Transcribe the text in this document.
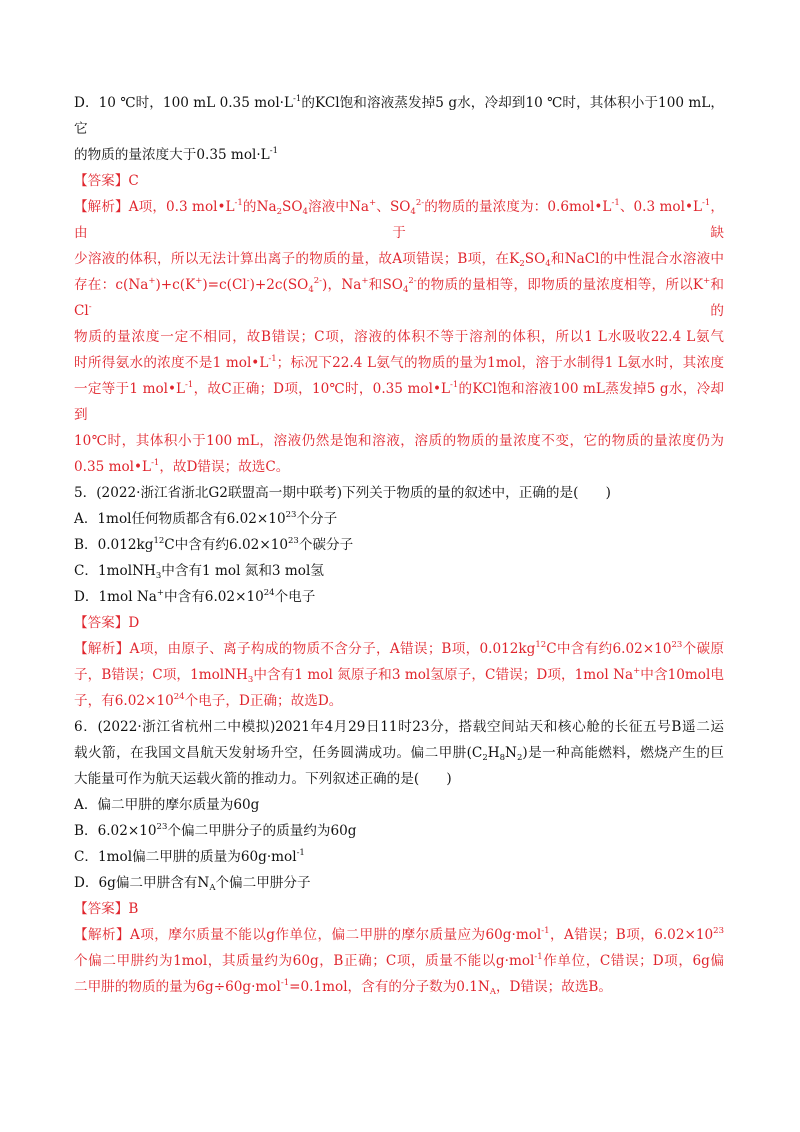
D．10 ℃时，100 mL 0.35 $mol\cdot L^{-1}$的KCl饱和溶液蒸发掉5 g水，冷却到10 ℃时，其体积小于100 mL，它
的物质的量浓度大于0.35 $mol\cdot L^{-1}$
【答案】C
【解析】A项，0.3 $mol•L^{-1}$的$Na_2SO_4$溶液中Na+、$SO_4^{2-}$的物质的量浓度为：$0.6mol•L^{-1}$、0.3 $mol•L^{-1}$，由于缺
少溶液的体积，所以无法计算出离子的物质的量，故A项错误；B项，在$K_2SO_4$和NaCl的中性混合水溶液中
存在：$c(Na^+)+c(K^+)=c(Cl^-)+2c(SO_4^{2-})$，Na+和$SO_4^{2-}$的物质的量相等，即物质的量浓度相等，所以K+和Cl-的
物质的量浓度一定不相同，故B错误；C项，溶液的体积不等于溶剂的体积，所以1 L水吸收22.4 L氨气
时所得氨水的浓度不是1 $mol•L^{-1}$；标况下22.4 L氨气的物质的量为1mol，溶于水制得1 L氨水时，其浓度
一定等于1 $mol•L^{-1}$，故C正确；D项，10℃时，0.35 $mol•L^{-1}$的KCl饱和溶液100 mL蒸发掉5 g水，冷却到
10℃时，其体积小于100 mL，溶液仍然是饱和溶液，溶质的物质的量浓度不变，它的物质的量浓度仍为
0.35 $mol•L^{-1}$，故D错误；故选C。
5．(2022·浙江省浙北G2联盟高一期中联考)下列关于物质的量的叙述中，正确的是(　　)
A．1mol任何物质都含有$6.02\times 10^{23}$个分子
B．$0.012kg^{12}C$中含有约$6.02\times 10^{23}$个碳分子
C．1molNH$_3$中含有1 mol 氮和3 mol氢
D．1mol Na+中含有$6.02\times 10^{24}$个电子
【答案】D
【解析】A项，由原子、离子构成的物质不含分子，A错误；B项，$0.012kg^{12}C$中含有约$6.02\times 10^{23}$个碳原
子，B错误；C项，1molNH$_3$中含有1 mol 氮原子和3 mol氢原子，C错误；D项，1mol Na+中含10mol电
子，有$6.02\times 10^{24}$个电子，D正确；故选D。
6．(2022·浙江省杭州二中模拟)2021年4月29日11时23分，搭载空间站天和核心舱的长征五号B遥二运
载火箭，在我国文昌航天发射场升空，任务圆满成功。偏二甲肼$(C_2H_8N_2)$是一种高能燃料，燃烧产生的巨
大能量可作为航天运载火箭的推动力。下列叙述正确的是(　　)
A．偏二甲肼的摩尔质量为60g
B．$6.02\times 10^{23}$个偏二甲肼分子的质量约为60g
C．1mol偏二甲肼的质量为60g·mol$^{-1}$
D．6g偏二甲肼含有$N_A$个偏二甲肼分子
【答案】B
【解析】A项，摩尔质量不能以g作单位，偏二甲肼的摩尔质量应为60g·mol$^{-1}$，A错误；B项，$6.02\times 10^{23}$
个偏二甲肼约为1mol，其质量约为60g，B正确；C项，质量不能以g·mol$^{-1}$作单位，C错误；D项，6g偏
二甲肼的物质的量为6g÷60g·mol$^{-1}$=0.1mol，含有的分子数为$0.1N_A$，D错误；故选B。
